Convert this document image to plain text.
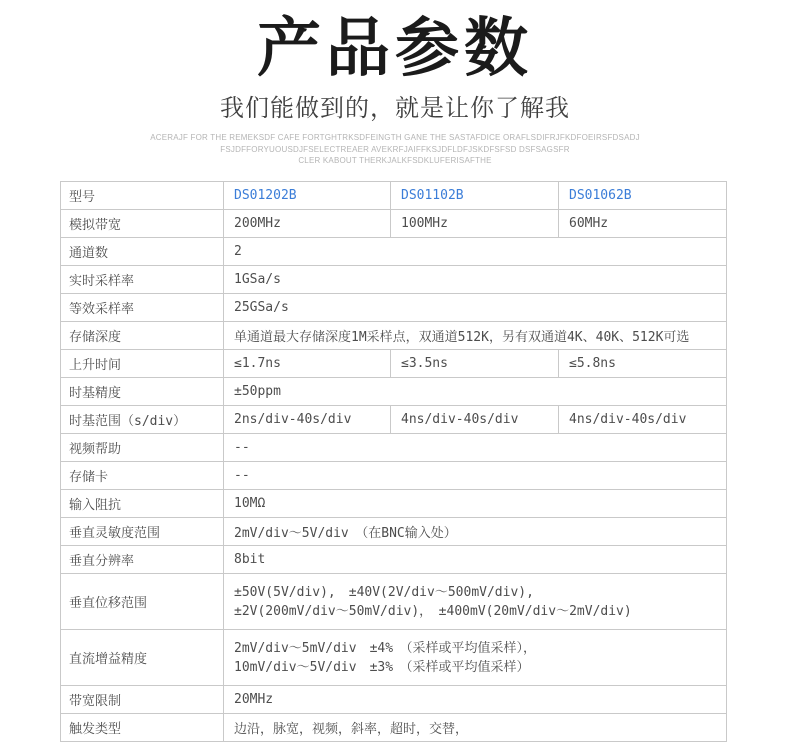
产品参数

我们能做到的，就是让你了解我

ACERAJF FOR THE REMEKSDF CAFE FORTGHTRKSDFEINGTH GANE THE SASTAFDICE ORAFLSDIFRJFKDFOEIRSFDSADJ
FSJDFFORYUOUSDJFSELECTREAER AVEKRFJAIFFKSJDFLDFJSKDFSFSD DSFSAGSFR
CLER KABOUT THERKJALKFSDKLUFERISAFTHE
型号	DS01202B	DS01102B	DS01062B
模拟带宽	200MHz	100MHz	60MHz
通道数	2		
实时采样率	1GSa/s		
等效采样率	25GSa/s		
存储深度	单通道最大存储深度1M采样点，双通道512K，另有双通道4K、40K、512K可选		
上升时间	≤1.7ns	≤3.5ns	≤5.8ns
时基精度	±50ppm		
时基范围（s/div）	2ns/div-40s/div	4ns/div-40s/div	4ns/div-40s/div
视频帮助	--		
存储卡	--		
输入阻抗	10MΩ		
垂直灵敏度范围	2mV/div～5V/div　（在BNC输入处）		
垂直分辨率	8bit		
垂直位移范围	±50V(5V/div),　±40V(2V/div～500mV/div),
±2V(200mV/div～50mV/div)，　±400mV(20mV/div～2mV/div)		

直流增益精度	2mV/div～5mV/div　±4%　（采样或平均值采样），
10mV/div～5V/div　±3%　（采样或平均值采样）		

带宽限制	20MHz		
触发类型	边沿，脉宽，视频，斜率，超时，交替，		
